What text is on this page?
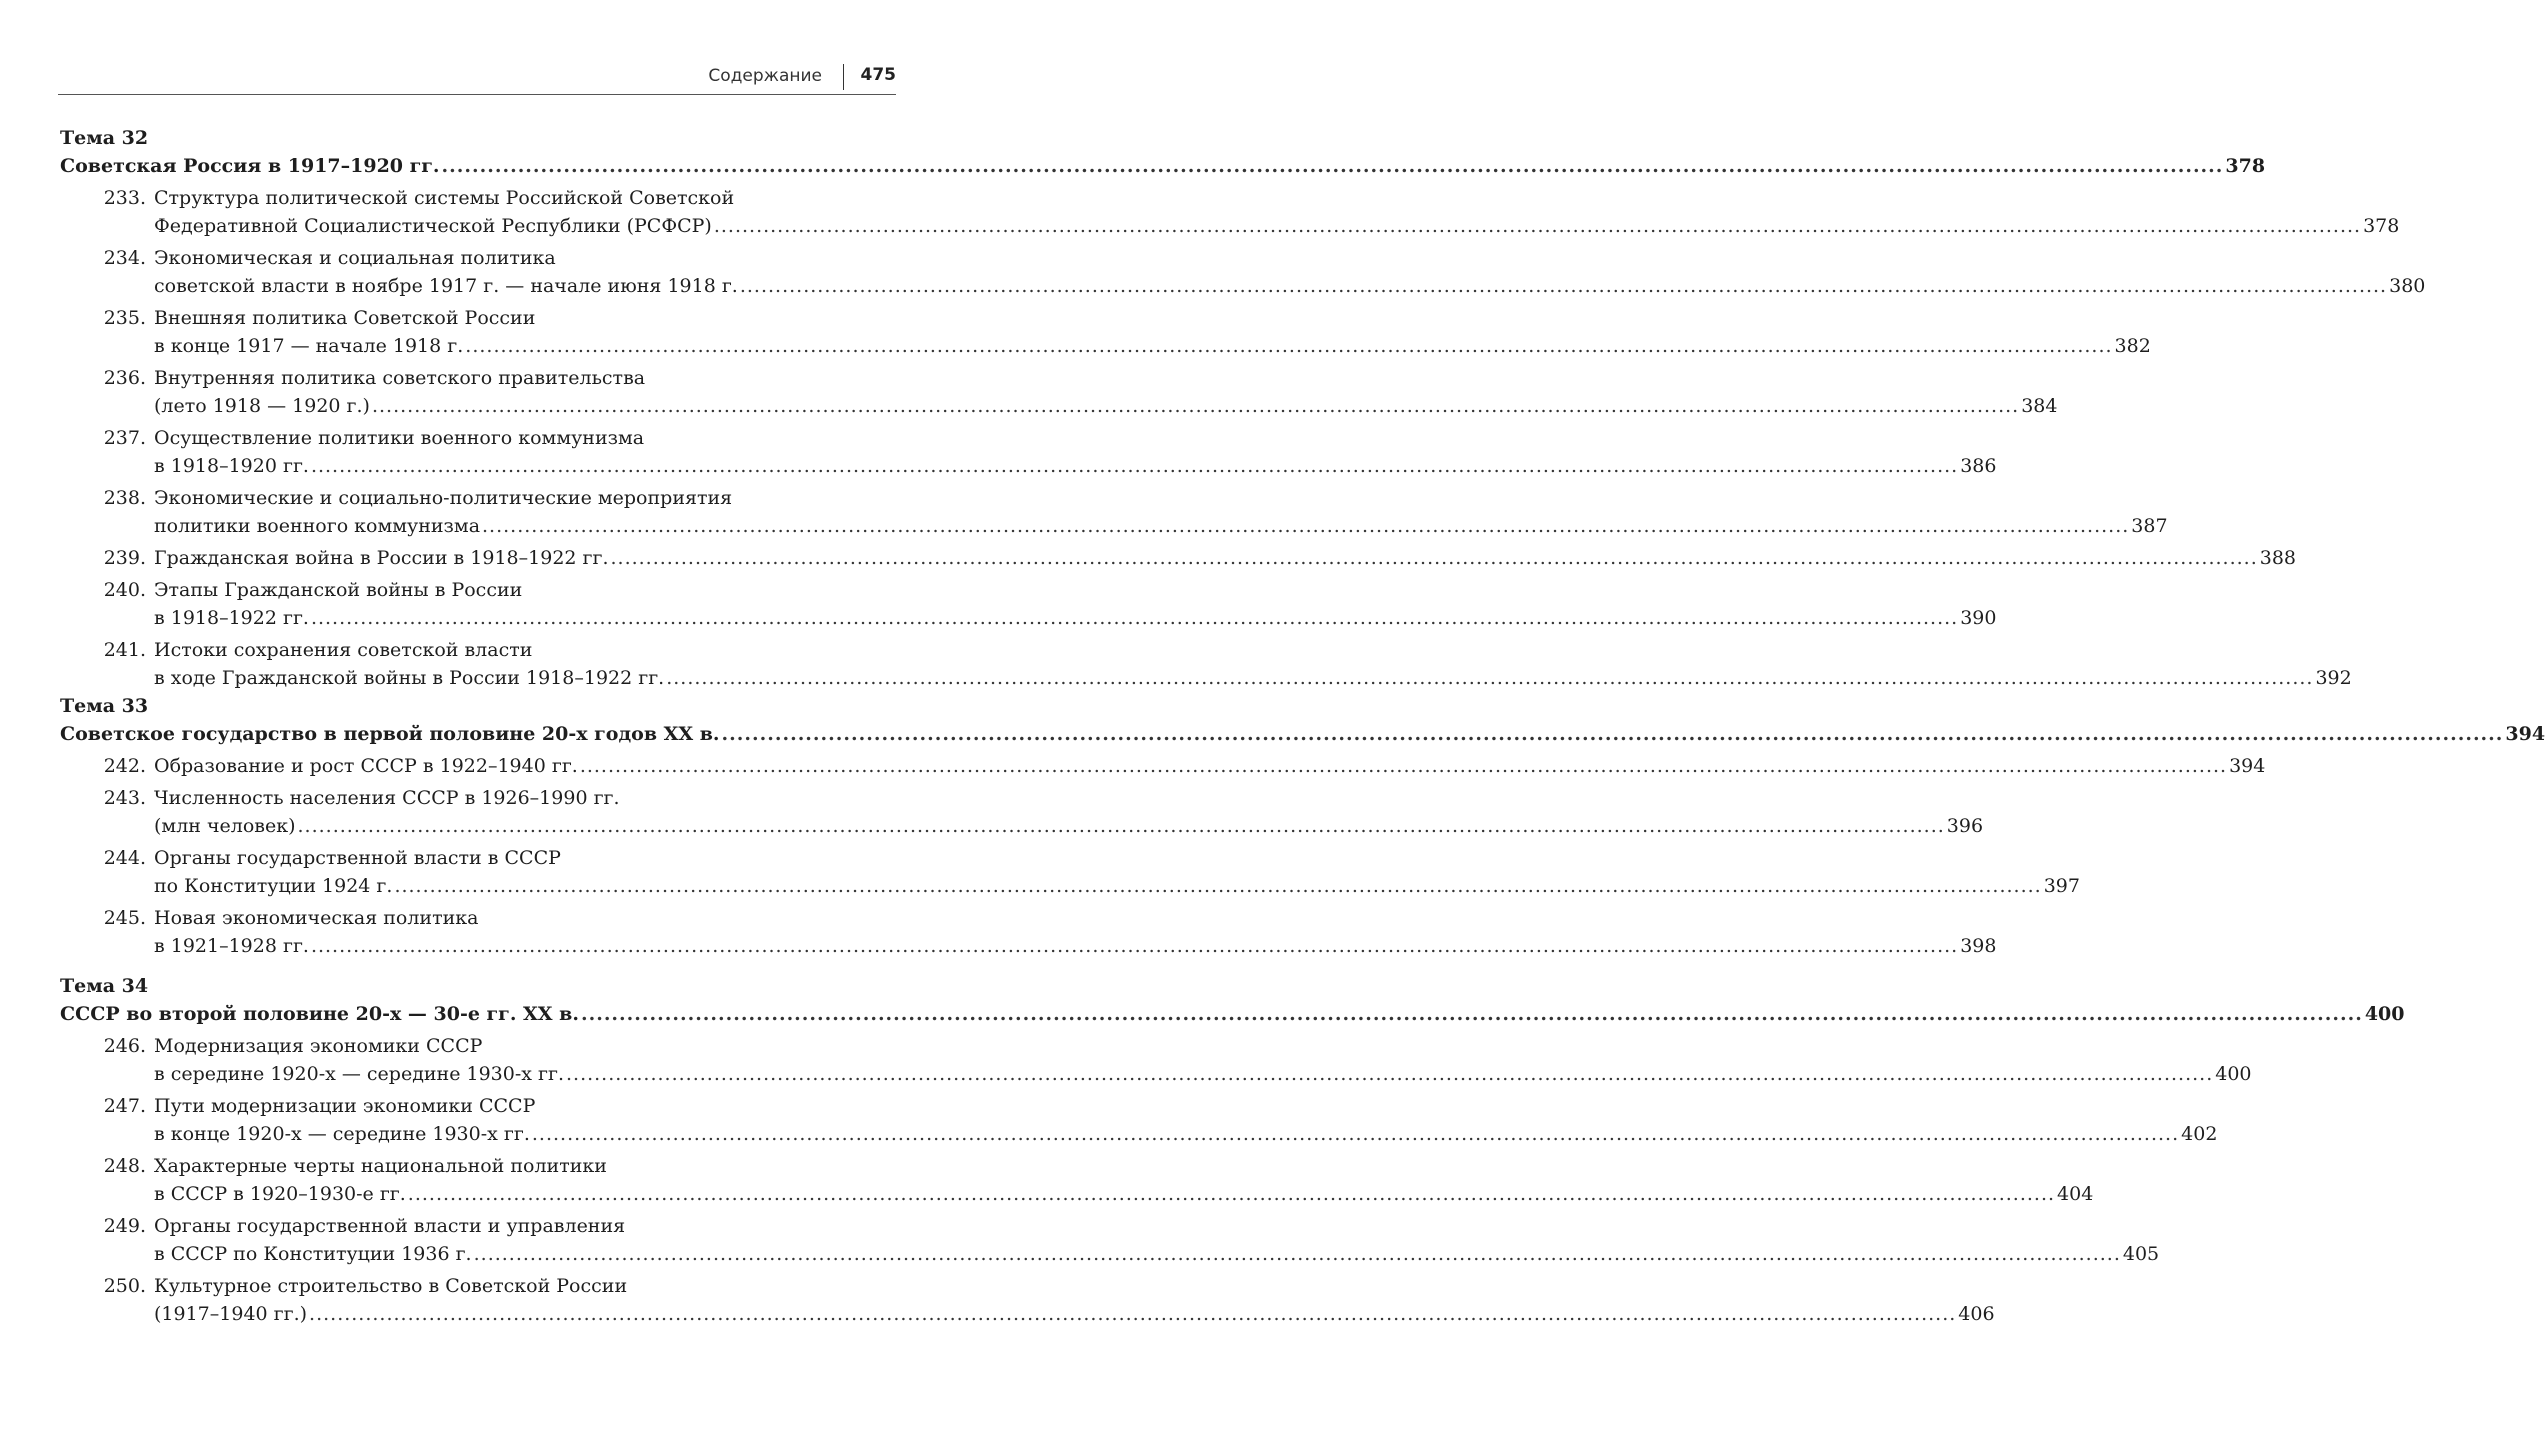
Содержание 475
Тема 32
Советская Россия в 1917–1920 гг. .......................................................................................................................................................................................................................................... 378
233. Структура политической системы Российской Советской
Федеративной Социалистической Республики (РСФСР) .......................................................................................................................................................................................................................................... 378
234. Экономическая и социальная политика
советской власти в ноябре 1917 г. — начале июня 1918 г. .......................................................................................................................................................................................................................................... 380
235. Внешняя политика Советской России
в конце 1917 — начале 1918 г. .......................................................................................................................................................................................................................................... 382
236. Внутренняя политика советского правительства
(лето 1918 — 1920 г.) .......................................................................................................................................................................................................................................... 384
237. Осуществление политики военного коммунизма
в 1918–1920 гг. .......................................................................................................................................................................................................................................... 386
238. Экономические и социально-политические мероприятия
политики военного коммунизма .......................................................................................................................................................................................................................................... 387
239. Гражданская война в России в 1918–1922 гг. .......................................................................................................................................................................................................................................... 388
240. Этапы Гражданской войны в России
в 1918–1922 гг. .......................................................................................................................................................................................................................................... 390
241. Истоки сохранения советской власти
в ходе Гражданской войны в России 1918–1922 гг. .......................................................................................................................................................................................................................................... 392
Тема 33
Советское государство в первой половине 20-х годов XX в. .......................................................................................................................................................................................................................................... 394
242. Образование и рост СССР в 1922–1940 гг. .......................................................................................................................................................................................................................................... 394
243. Численность населения СССР в 1926–1990 гг.
(млн человек) .......................................................................................................................................................................................................................................... 396
244. Органы государственной власти в СССР
по Конституции 1924 г. .......................................................................................................................................................................................................................................... 397
245. Новая экономическая политика
в 1921–1928 гг. .......................................................................................................................................................................................................................................... 398
Тема 34
СССР во второй половине 20-х — 30-е гг. XX в. .......................................................................................................................................................................................................................................... 400
246. Модернизация экономики СССР
в середине 1920-х — середине 1930-х гг. .......................................................................................................................................................................................................................................... 400
247. Пути модернизации экономики СССР
в конце 1920-х — середине 1930-х гг. .......................................................................................................................................................................................................................................... 402
248. Характерные черты национальной политики
в СССР в 1920–1930-е гг. .......................................................................................................................................................................................................................................... 404
249. Органы государственной власти и управления
в СССР по Конституции 1936 г. .......................................................................................................................................................................................................................................... 405
250. Культурное строительство в Советской России
(1917–1940 гг.) .......................................................................................................................................................................................................................................... 406
